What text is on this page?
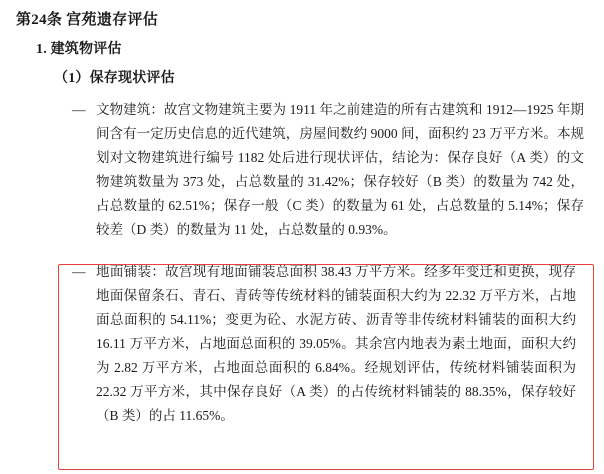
第24条 宫苑遗存评估
1. 建筑物评估
（1）保存现状评估
— 文物建筑：故宫文物建筑主要为 1911 年之前建造的所有古建筑和 1912—1925 年期间含有一定历史信息的近代建筑，房屋间数约 9000 间，面积约 23 万平方米。本规划对文物建筑进行编号 1182 处后进行现状评估，结论为：保存良好（A 类）的文物建筑数量为 373 处，占总数量的 31.42%；保存较好（B 类）的数量为 742 处，占总数量的 62.51%；保存一般（C 类）的数量为 61 处，占总数量的 5.14%；保存较差（D 类）的数量为 11 处，占总数量的 0.93%。

— 地面铺装：故宫现有地面铺装总面积 38.43 万平方米。经多年变迁和更换，现存地面保留条石、青石、青砖等传统材料的铺装面积大约为 22.32 万平方米，占地面总面积的 54.11%；变更为砼、水泥方砖、沥青等非传统材料铺装的面积大约 16.11 万平方米，占地面总面积的 39.05%。其余宫内地表为素土地面，面积大约为 2.82 万平方米，占地面总面积的 6.84%。经规划评估，传统材料铺装面积为 22.32 万平方米，其中保存良好（A 类）的占传统材料铺装的 88.35%，保存较好（B 类）的占 11.65%。
